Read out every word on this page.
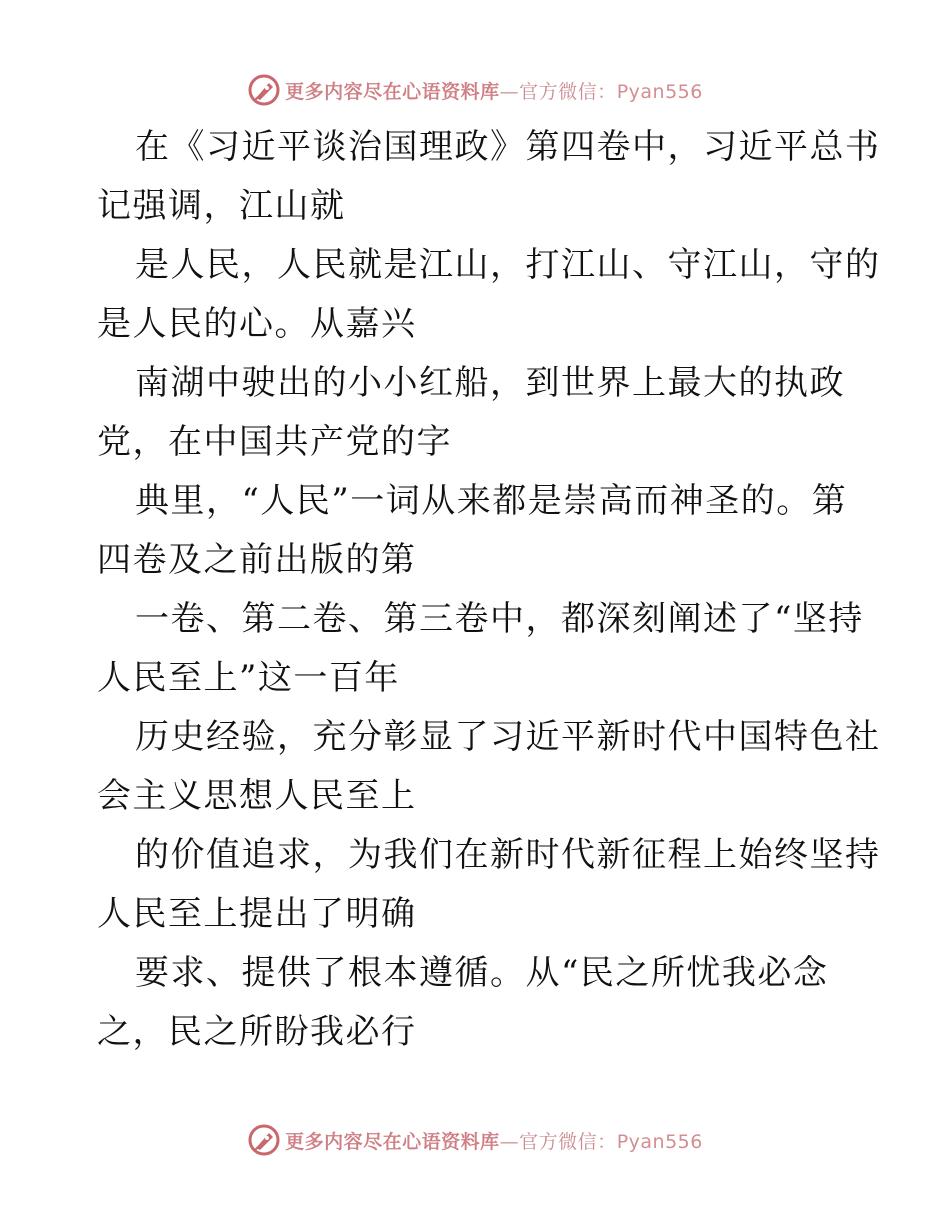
更多内容尽在心语资料库—官方微信：Pyan556
在《习近平谈治国理政》第四卷中，习近平总书
记强调，江山就
是人民，人民就是江山，打江山、守江山，守的
是人民的心。从嘉兴
南湖中驶出的小小红船，到世界上最大的执政
党，在中国共产党的字
典里，“人民”一词从来都是崇高而神圣的。第
四卷及之前出版的第
一卷、第二卷、第三卷中，都深刻阐述了“坚持
人民至上”这一百年
历史经验，充分彰显了习近平新时代中国特色社
会主义思想人民至上
的价值追求，为我们在新时代新征程上始终坚持
人民至上提出了明确
要求、提供了根本遵循。从“民之所忧我必念
之，民之所盼我必行
更多内容尽在心语资料库—官方微信：Pyan556
